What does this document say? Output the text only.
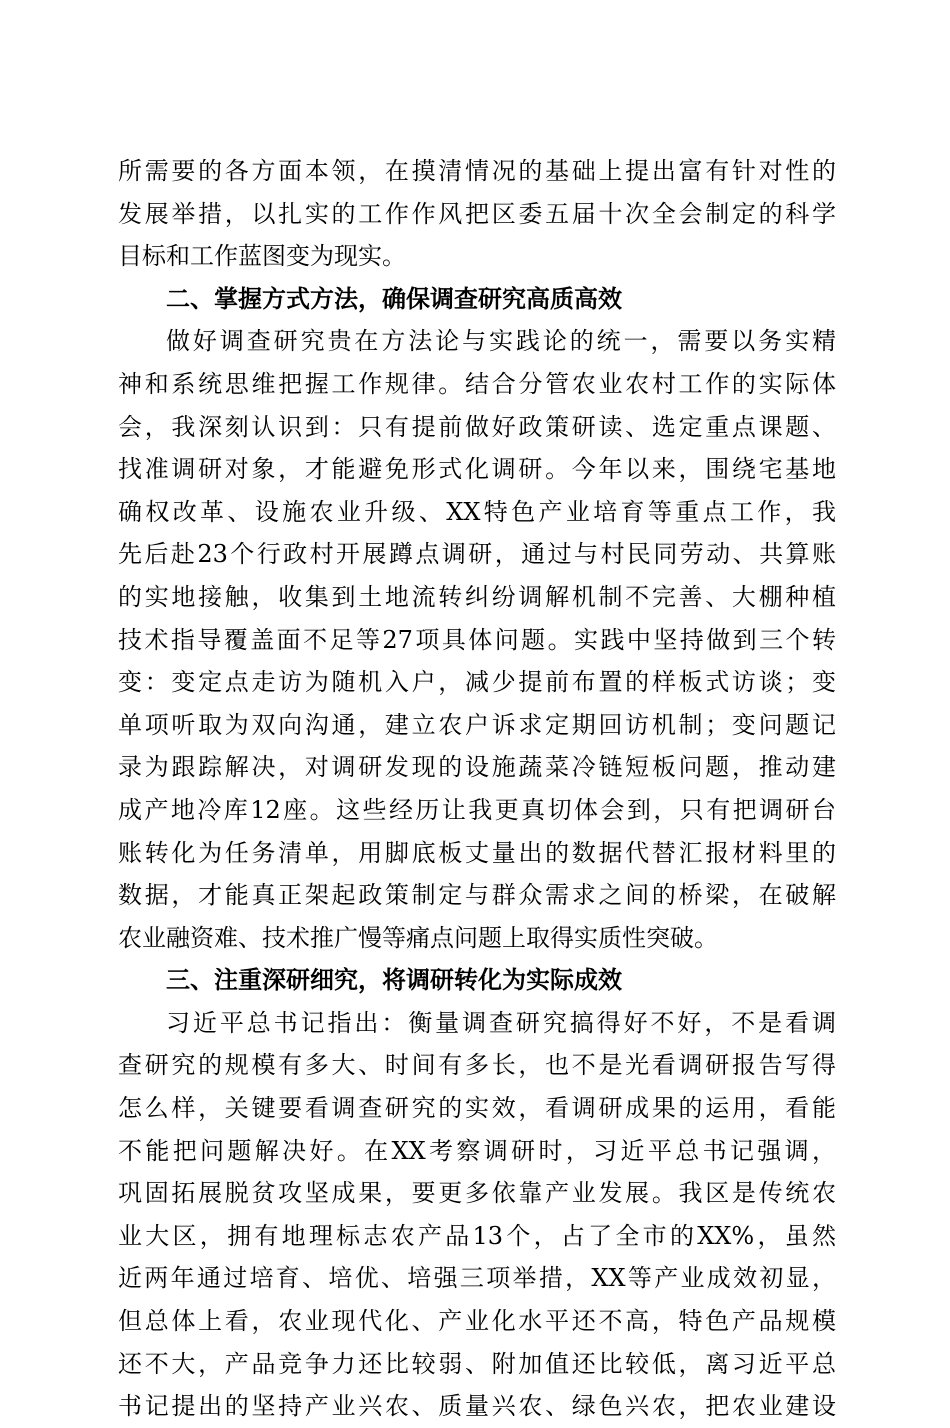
所需要的各方面本领，在摸清情况的基础上提出富有针对性的
发展举措，以扎实的工作作风把区委五届十次全会制定的科学
目标和工作蓝图变为现实。
二、掌握方式方法，确保调查研究高质高效
做好调查研究贵在方法论与实践论的统一，需要以务实精
神和系统思维把握工作规律。结合分管农业农村工作的实际体
会，我深刻认识到：只有提前做好政策研读、选定重点课题、
找准调研对象，才能避免形式化调研。今年以来，围绕宅基地
确权改革、设施农业升级、XX特色产业培育等重点工作，我
先后赴23个行政村开展蹲点调研，通过与村民同劳动、共算账
的实地接触，收集到土地流转纠纷调解机制不完善、大棚种植
技术指导覆盖面不足等27项具体问题。实践中坚持做到三个转
变：变定点走访为随机入户，减少提前布置的样板式访谈；变
单项听取为双向沟通，建立农户诉求定期回访机制；变问题记
录为跟踪解决，对调研发现的设施蔬菜冷链短板问题，推动建
成产地冷库12座。这些经历让我更真切体会到，只有把调研台
账转化为任务清单，用脚底板丈量出的数据代替汇报材料里的
数据，才能真正架起政策制定与群众需求之间的桥梁，在破解
农业融资难、技术推广慢等痛点问题上取得实质性突破。
三、注重深研细究，将调研转化为实际成效
习近平总书记指出：衡量调查研究搞得好不好，不是看调
查研究的规模有多大、时间有多长，也不是光看调研报告写得
怎么样，关键要看调查研究的实效，看调研成果的运用，看能
不能把问题解决好。在XX考察调研时，习近平总书记强调，
巩固拓展脱贫攻坚成果，要更多依靠产业发展。我区是传统农
业大区，拥有地理标志农产品13个，占了全市的XX%，虽然
近两年通过培育、培优、培强三项举措，XX等产业成效初显，
但总体上看，农业现代化、产业化水平还不高，特色产品规模
还不大，产品竞争力还比较弱、附加值还比较低，离习近平总
书记提出的坚持产业兴农、质量兴农、绿色兴农，把农业建设
